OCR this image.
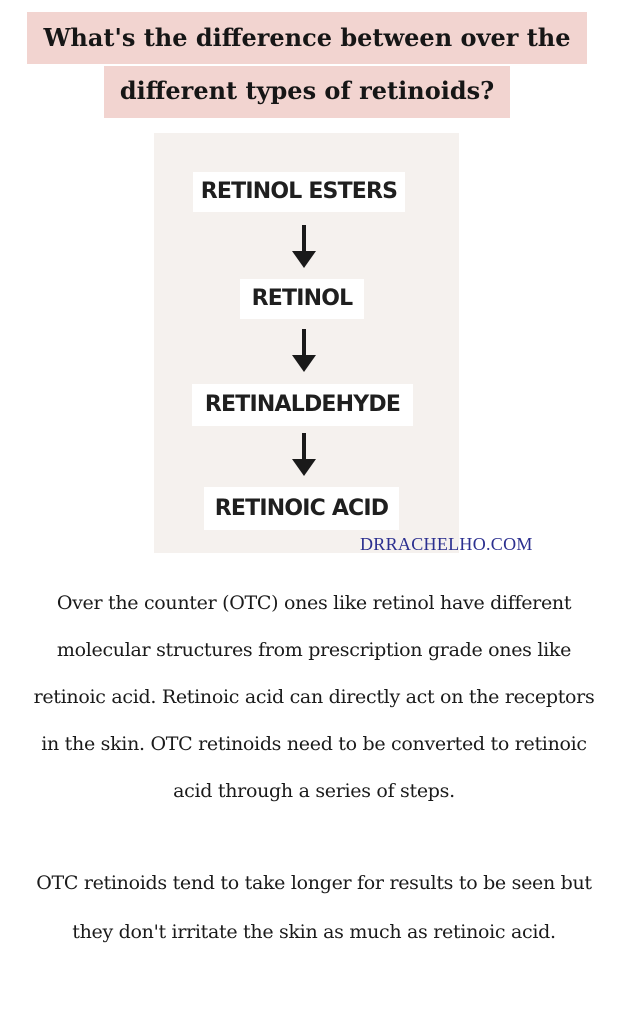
What's the difference between over the
different types of retinoids?
RETINOL ESTERS
RETINOL
RETINALDEHYDE
RETINOIC ACID
DRRACHELHO.COM

Over the counter (OTC) ones like retinol have different molecular structures from prescription grade ones like retinoic acid. Retinoic acid can directly act on the receptors in the skin. OTC retinoids need to be converted to retinoic acid through a series of steps.

OTC retinoids tend to take longer for results to be seen but they don't irritate the skin as much as retinoic acid.
